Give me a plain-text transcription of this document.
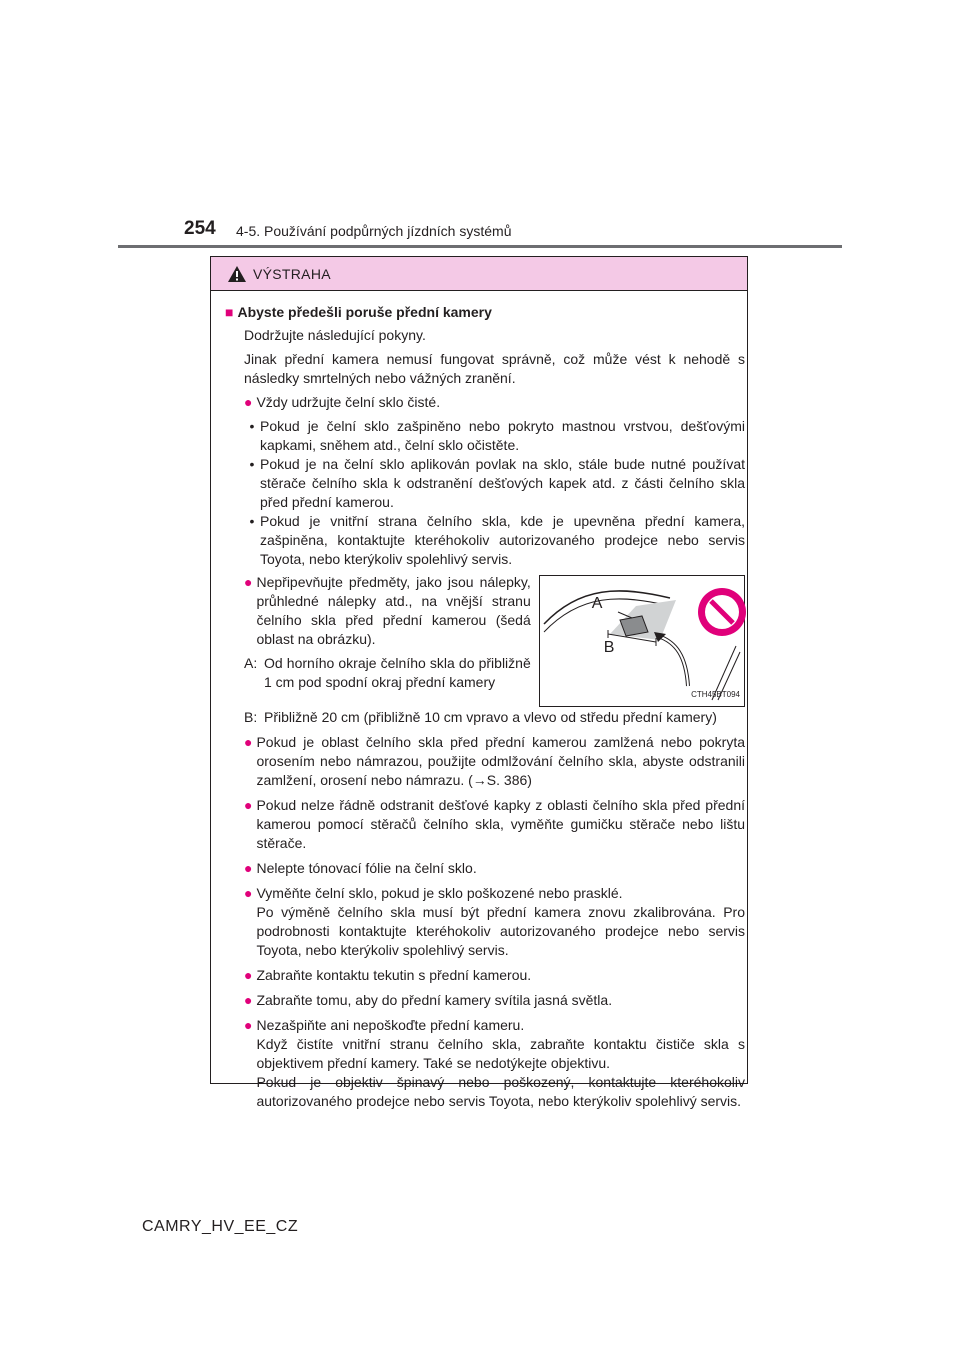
254 4-5. Používání podpůrných jízdních systémů
VÝSTRAHA
■ Abyste předešli poruše přední kamery
Dodržujte následující pokyny.
Jinak přední kamera nemusí fungovat správně, což může vést k nehodě s následky smrtelných nebo vážných zranění.
● Vždy udržujte čelní sklo čisté.
• Pokud je čelní sklo zašpiněno nebo pokryto mastnou vrstvou, dešťovými kapkami, sněhem atd., čelní sklo očistěte.
• Pokud je na čelní sklo aplikován povlak na sklo, stále bude nutné používat stěrače čelního skla k odstranění dešťových kapek atd. z části čelního skla před přední kamerou.
• Pokud je vnitřní strana čelního skla, kde je upevněna přední kamera, zašpiněna, kontaktujte kteréhokoliv autorizovaného prodejce nebo servis Toyota, nebo kterýkoliv spolehlivý servis.
● Nepřipevňujte předměty, jako jsou nálepky, průhledné nálepky atd., na vnější stranu čelního skla před přední kamerou (šedá oblast na obrázku).
A: Od horního okraje čelního skla do přibližně 1 cm pod spodní okraj přední kamery
A
B
CTH45BT094
B: Přibližně 20 cm (přibližně 10 cm vpravo a vlevo od středu přední kamery)
● Pokud je oblast čelního skla před přední kamerou zamlžená nebo pokryta orosením nebo námrazou, použijte odmlžování čelního skla, abyste odstranili zamlžení, orosení nebo námrazu. (→S. 386)
● Pokud nelze řádně odstranit dešťové kapky z oblasti čelního skla před přední kamerou pomocí stěračů čelního skla, vyměňte gumičku stěrače nebo lištu stěrače.
● Nelepte tónovací fólie na čelní sklo.
● Vyměňte čelní sklo, pokud je sklo poškozené nebo prasklé.
Po výměně čelního skla musí být přední kamera znovu zkalibrována. Pro podrobnosti kontaktujte kteréhokoliv autorizovaného prodejce nebo servis Toyota, nebo kterýkoliv spolehlivý servis.
● Zabraňte kontaktu tekutin s přední kamerou.
● Zabraňte tomu, aby do přední kamery svítila jasná světla.
● Nezašpiňte ani nepoškoďte přední kameru.
Když čistíte vnitřní stranu čelního skla, zabraňte kontaktu čističe skla s objektivem přední kamery. Také se nedotýkejte objektivu.
Pokud je objektiv špinavý nebo poškozený, kontaktujte kteréhokoliv autorizovaného prodejce nebo servis Toyota, nebo kterýkoliv spolehlivý servis.
CAMRY_HV_EE_CZ
